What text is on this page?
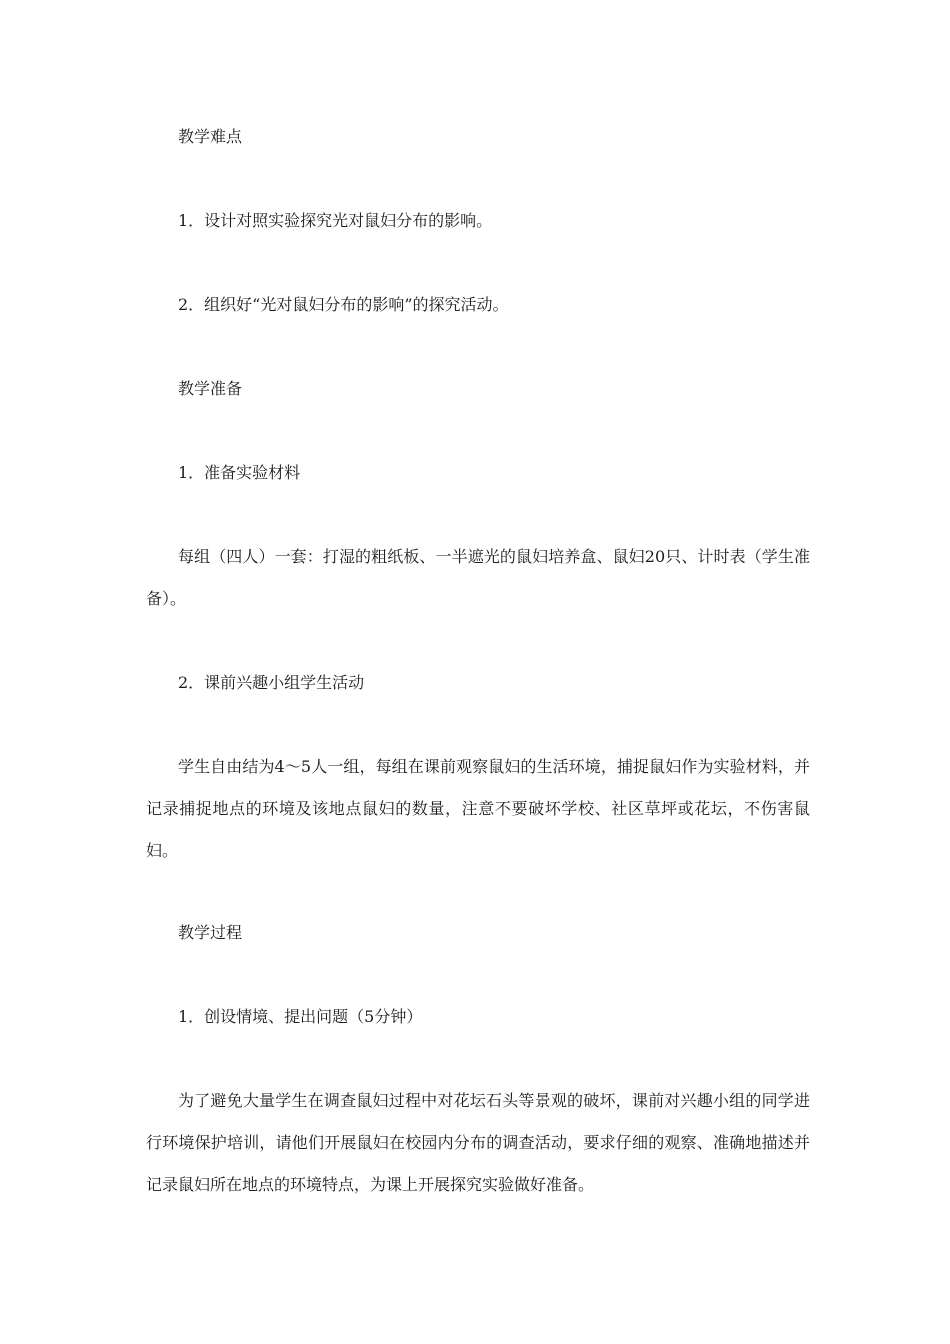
教学难点

1．设计对照实验探究光对鼠妇分布的影响。

2．组织好“光对鼠妇分布的影响”的探究活动。

教学准备

1．准备实验材料

每组（四人）一套：打湿的粗纸板、一半遮光的鼠妇培养盒、鼠妇20只、计时表（学生准备）。

2．课前兴趣小组学生活动

学生自由结为4～5人一组，每组在课前观察鼠妇的生活环境，捕捉鼠妇作为实验材料，并记录捕捉地点的环境及该地点鼠妇的数量，注意不要破坏学校、社区草坪或花坛，不伤害鼠妇。

教学过程

1．创设情境、提出问题（5分钟）

为了避免大量学生在调查鼠妇过程中对花坛石头等景观的破坏，课前对兴趣小组的同学进行环境保护培训，请他们开展鼠妇在校园内分布的调查活动，要求仔细的观察、准确地描述并记录鼠妇所在地点的环境特点，为课上开展探究实验做好准备。
